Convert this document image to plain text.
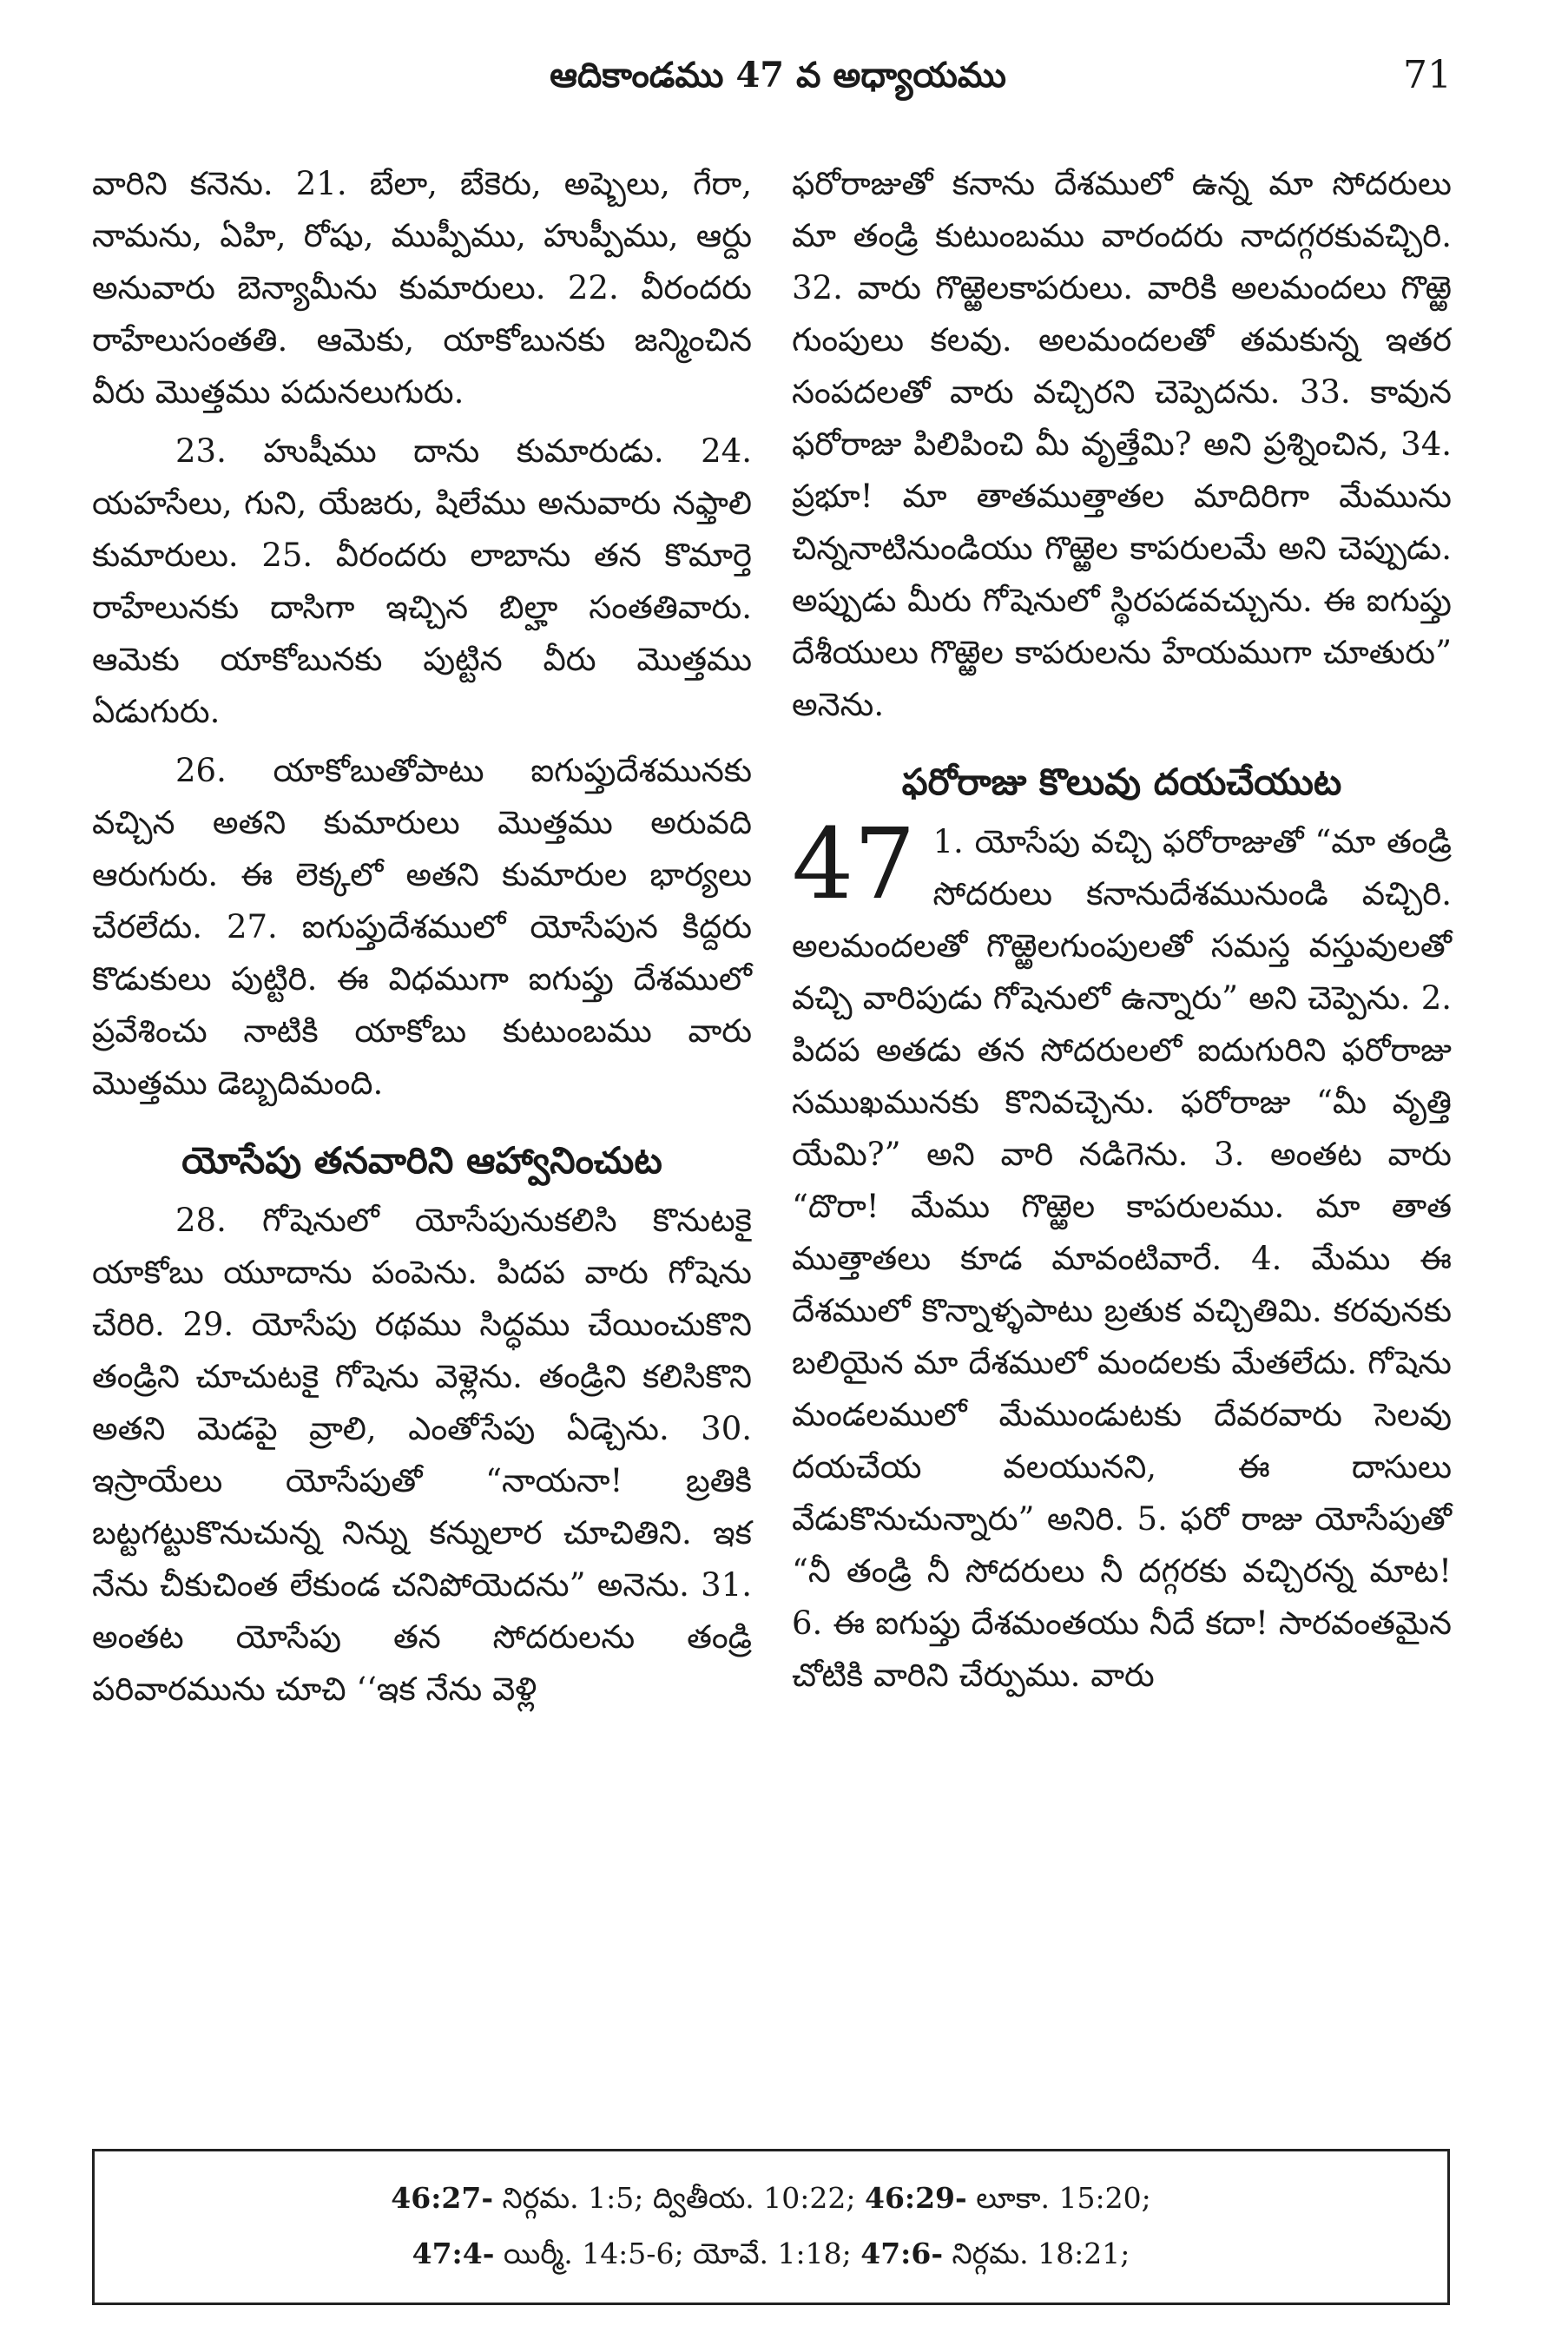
ఆదికాండము 47 వ అధ్యాయము	71

వారిని కనెను. 21. బేలా, బేకెరు, అష్బెలు, గేరా, నామను, ఏహి, రోషు, ముప్పీము, హుప్పీము, ఆర్దు అనువారు బెన్యామీను కుమారులు. 22. వీరందరు రాహేలుసంతతి. ఆమెకు, యాకోబునకు జన్మించిన వీరు మొత్తము పదునలుగురు.

23. హుషీము దాను కుమారుడు. 24. యహసేలు, గుని, యేజరు, షిలేము అనువారు నఫ్తాలి కుమారులు. 25. వీరందరు లాబాను తన కొమార్తె రాహేలునకు దాసిగా ఇచ్చిన బిల్హా సంతతివారు. ఆమెకు యాకోబునకు పుట్టిన వీరు మొత్తము ఏడుగురు.

26. యాకోబుతోపాటు ఐగుప్తుదేశమునకు వచ్చిన అతని కుమారులు మొత్తము అరువది ఆరుగురు. ఈ లెక్కలో అతని కుమారుల భార్యలు చేరలేదు. 27. ఐగుప్తుదేశములో యోసేపున కిద్దరు కొడుకులు పుట్టిరి. ఈ విధముగా ఐగుప్తు దేశములో ప్రవేశించు నాటికి యాకోబు కుటుంబము వారు మొత్తము డెబ్బదిమంది.

యోసేపు తనవారిని ఆహ్వానించుట

28. గోషెనులో యోసేపునుకలిసి కొనుటకై యాకోబు యూదాను పంపెను. పిదప వారు గోషెను చేరిరి. 29. యోసేపు రథము సిద్ధము చేయించుకొని తండ్రిని చూచుటకై గోషెను వెళ్లెను. తండ్రిని కలిసికొని అతని మెడపై వ్రాలి, ఎంతోసేపు ఏడ్చెను. 30. ఇస్రాయేలు యోసేపుతో “నాయనా! బ్రతికి బట్టగట్టుకొనుచున్న నిన్ను కన్నులార చూచితిని. ఇక నేను చీకుచింత లేకుండ చనిపోయెదను” అనెను. 31. అంతట యోసేపు తన సోదరులను తండ్రి పరివారమును చూచి ‘‘ఇక నేను వెళ్లి

ఫరోరాజుతో కనాను దేశములో ఉన్న మా సోదరులు మా తండ్రి కుటుంబము వారందరు నాదగ్గరకువచ్చిరి. 32. వారు గొఱ్ఱెలకాపరులు. వారికి అలమందలు గొఱ్ఱె గుంపులు కలవు. అలమందలతో తమకున్న ఇతర సంపదలతో వారు వచ్చిరని చెప్పెదను. 33. కావున ఫరోరాజు పిలిపించి మీ వృత్తేమి? అని ప్రశ్నించిన, 34. ప్రభూ! మా తాతముత్తాతల మాదిరిగా మేమును చిన్ననాటినుండియు గొఱ్ఱెల కాపరులమే అని చెప్పుడు. అప్పుడు మీరు గోషెనులో స్థిరపడవచ్చును. ఈ ఐగుప్తు దేశీయులు గొఱ్ఱెల కాపరులను హేయముగా చూతురు” అనెను.

ఫరోరాజు కొలువు దయచేయుట

47 1. యోసేపు వచ్చి ఫరోరాజుతో “మా తండ్రి సోదరులు కనానుదేశమునుండి వచ్చిరి. అలమందలతో గొఱ్ఱెలగుంపులతో సమస్త వస్తువులతో వచ్చి వారిపుడు గోషెనులో ఉన్నారు” అని చెప్పెను. 2. పిదప అతడు తన సోదరులలో ఐదుగురిని ఫరోరాజు సముఖమునకు కొనివచ్చెను. ఫరోరాజు “మీ వృత్తి యేమి?” అని వారి నడిగెను. 3. అంతట వారు “దొరా! మేము గొఱ్ఱెల కాపరులము. మా తాత ముత్తాతలు కూడ మావంటివారే. 4. మేము ఈ దేశములో కొన్నాళ్ళపాటు బ్రతుక వచ్చితిమి. కరవునకు బలియైన మా దేశములో మందలకు మేతలేదు. గోషెను మండలములో మేముండుటకు దేవరవారు సెలవు దయచేయ వలయునని, ఈ దాసులు వేడుకొనుచున్నారు” అనిరి. 5. ఫరో రాజు యోసేపుతో “నీ తండ్రి నీ సోదరులు నీ దగ్గరకు వచ్చిరన్న మాట! 6. ఈ ఐగుప్తు దేశమంతయు నీదే కదా! సారవంతమైన చోటికి వారిని చేర్పుము. వారు

46:27- నిర్గమ. 1:5; ద్వితీయ. 10:22; 46:29- లూకా. 15:20;
47:4- యిర్మీ. 14:5-6; యోవే. 1:18; 47:6- నిర్గమ. 18:21;
